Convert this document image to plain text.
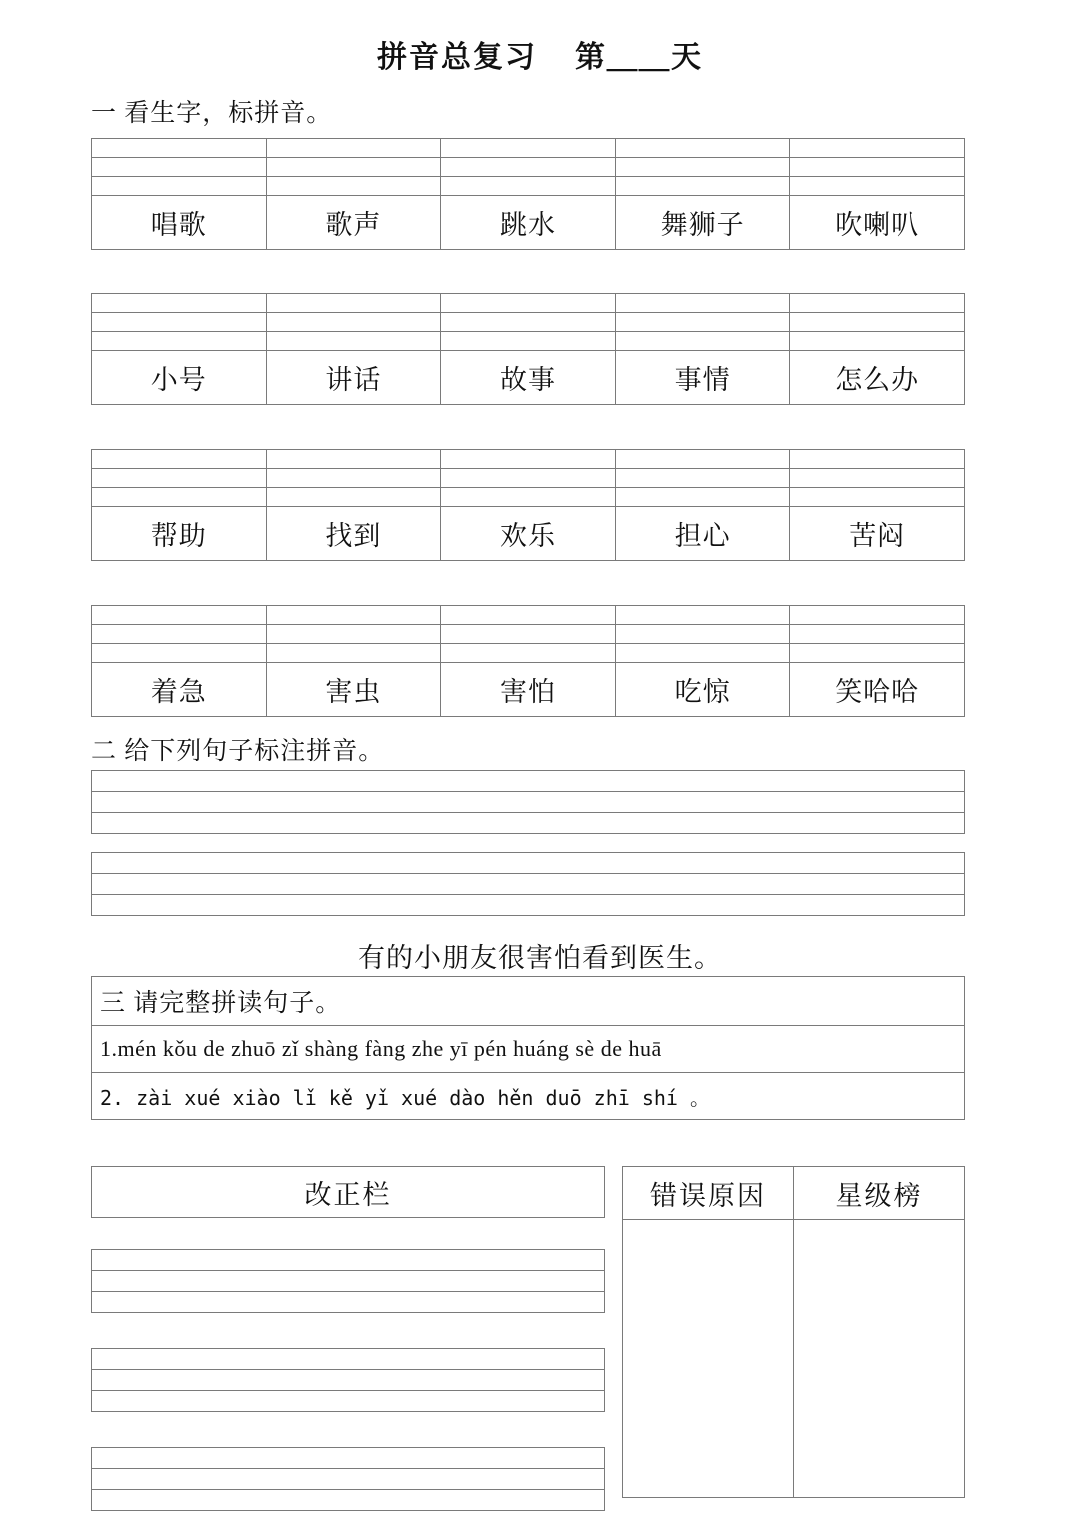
拼音总复习    第＿＿天
一 看生字，标拼音。

唱歌	歌声	跳水	舞狮子	吹喇叭

小号	讲话	故事	事情	怎么办

帮助	找到	欢乐	担心	苦闷

着急	害虫	害怕	吃惊	笑哈哈
二 给下列句子标注拼音。

有的小朋友很害怕看到医生。
三 请完整拼读句子。
1.mén kǒu de zhuō zǐ shàng fàng zhe yī pén huáng sè de huā
2. zài xué xiào lǐ kě yǐ xué dào hěn duō zhī shí 。
改正栏	错误原因	星级榜
